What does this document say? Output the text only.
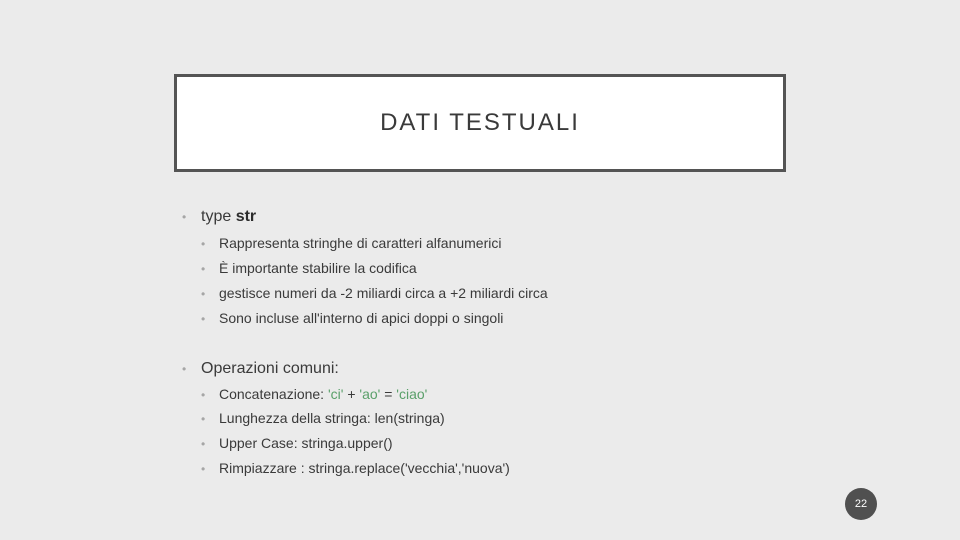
DATI TESTUALI
• type str
• Rappresenta stringhe di caratteri alfanumerici
• È importante stabilire la codifica
• gestisce numeri da -2 miliardi circa a +2 miliardi circa
• Sono incluse all'interno di apici doppi o singoli
• Operazioni comuni:
• Concatenazione: 'ci' + 'ao' = 'ciao'
• Lunghezza della stringa: len(stringa)
• Upper Case: stringa.upper()
• Rimpiazzare : stringa.replace('vecchia','nuova')
22
